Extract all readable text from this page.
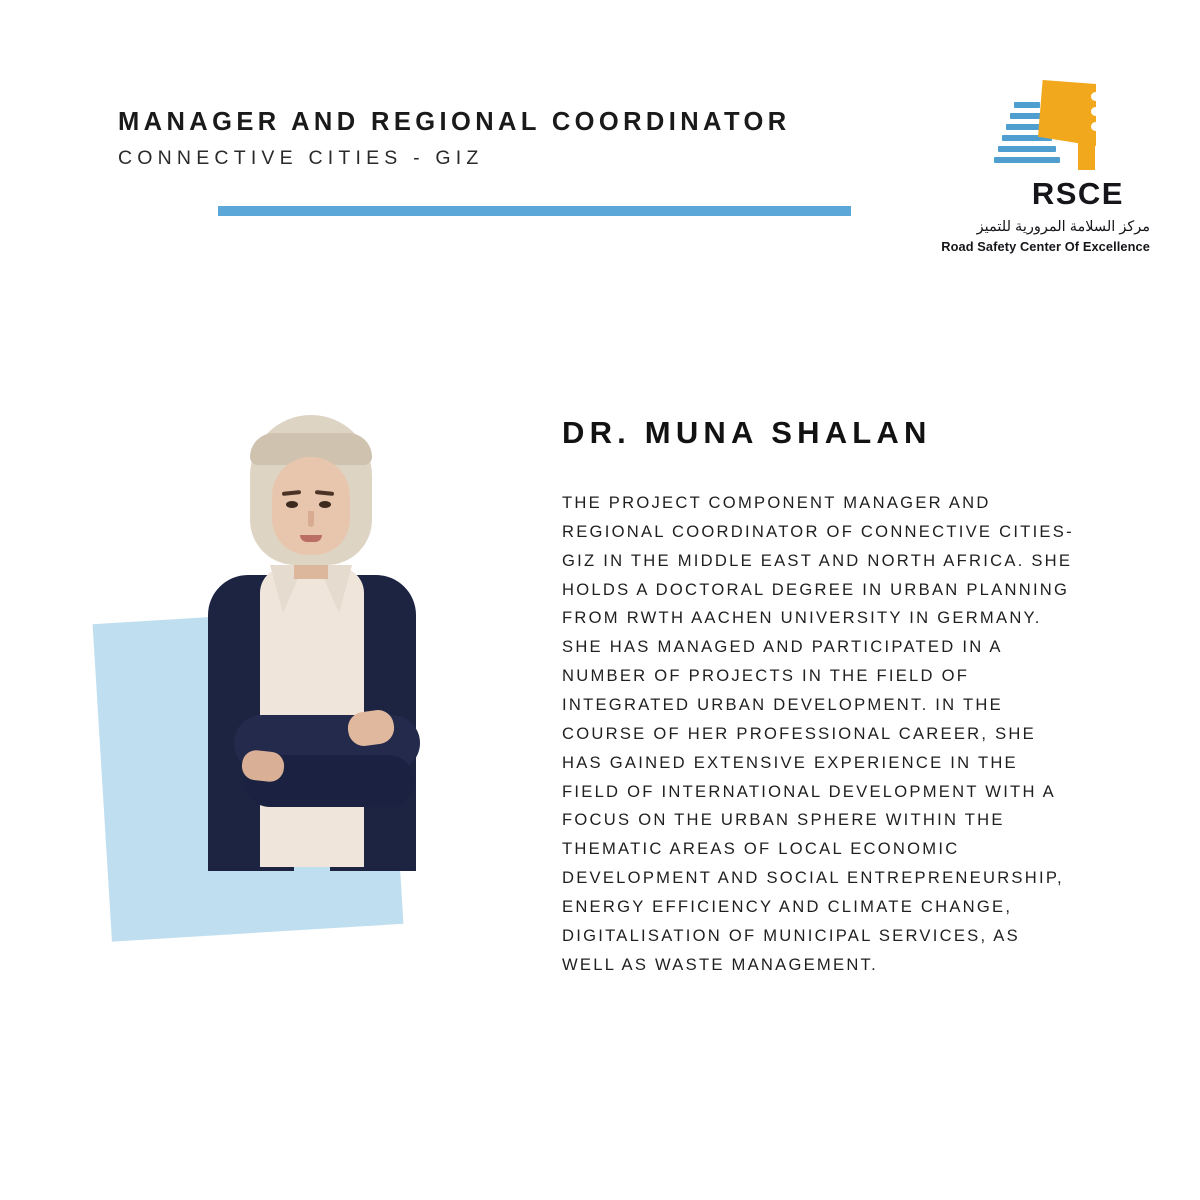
MANAGER AND REGIONAL COORDINATOR
CONNECTIVE CITIES - GIZ
RSCE
مركز السلامة المرورية للتميز
Road Safety Center Of Excellence
DR. MUNA SHALAN
THE PROJECT COMPONENT MANAGER AND REGIONAL COORDINATOR OF CONNECTIVE CITIES-GIZ IN THE MIDDLE EAST AND NORTH AFRICA. SHE HOLDS A DOCTORAL DEGREE IN URBAN PLANNING FROM RWTH AACHEN UNIVERSITY IN GERMANY. SHE HAS MANAGED AND PARTICIPATED IN A NUMBER OF PROJECTS IN THE FIELD OF INTEGRATED URBAN DEVELOPMENT. IN THE COURSE OF HER PROFESSIONAL CAREER, SHE HAS GAINED EXTENSIVE EXPERIENCE IN THE FIELD OF INTERNATIONAL DEVELOPMENT WITH A FOCUS ON THE URBAN SPHERE WITHIN THE THEMATIC AREAS OF LOCAL ECONOMIC DEVELOPMENT AND SOCIAL ENTREPRENEURSHIP, ENERGY EFFICIENCY AND CLIMATE CHANGE, DIGITALISATION OF MUNICIPAL SERVICES, AS WELL AS WASTE MANAGEMENT.
